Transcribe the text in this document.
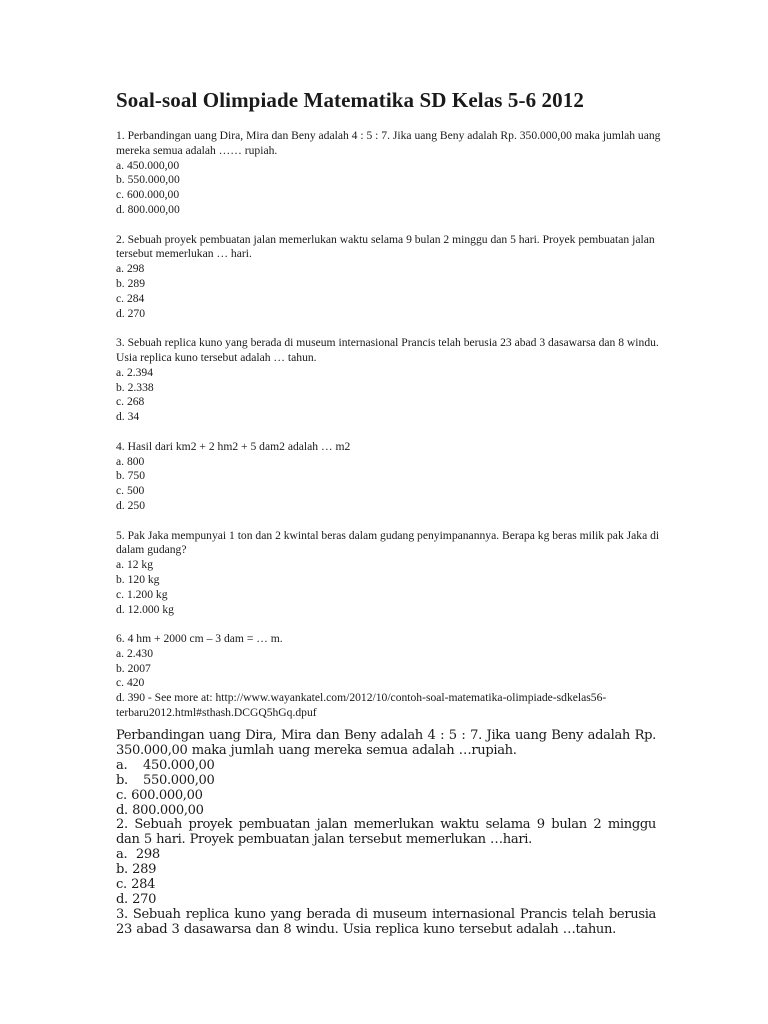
Soal-soal Olimpiade Matematika SD Kelas 5-6 2012

1. Perbandingan uang Dira, Mira dan Beny adalah 4 : 5 : 7. Jika uang Beny adalah Rp. 350.000,00 maka jumlah uang mereka semua adalah …… rupiah.

a. 450.000,00

b. 550.000,00

c. 600.000,00

d. 800.000,00

2. Sebuah proyek pembuatan jalan memerlukan waktu selama 9 bulan 2 minggu dan 5 hari. Proyek pembuatan jalan tersebut memerlukan … hari.

a. 298

b. 289

c. 284

d. 270

3. Sebuah replica kuno yang berada di museum internasional Prancis telah berusia 23 abad 3 dasawarsa dan 8 windu. Usia replica kuno tersebut adalah … tahun.

a. 2.394

b. 2.338

c. 268

d. 34

4. Hasil dari km2 + 2 hm2 + 5 dam2 adalah … m2

a. 800

b. 750

c. 500

d. 250

5. Pak Jaka mempunyai 1 ton dan 2 kwintal beras dalam gudang penyimpanannya. Berapa kg beras milik pak Jaka di dalam gudang?

a. 12 kg

b. 120 kg

c. 1.200 kg

d. 12.000 kg

6. 4 hm + 2000 cm – 3 dam = … m.

a. 2.430

b. 2007

c. 420

d. 390 - See more at: http://www.wayankatel.com/2012/10/contoh-soal-matematika-olimpiade-sdkelas56-terbaru2012.html#sthash.DCGQ5hGq.dpuf

Perbandingan uang Dira, Mira dan Beny adalah 4 : 5 : 7. Jika uang Beny adalah Rp. 350.000,00 maka jumlah uang mereka semua adalah …rupiah.

a. 450.000,00

b. 550.000,00

c. 600.000,00

d. 800.000,00

2. Sebuah proyek pembuatan jalan memerlukan waktu selama 9 bulan 2 minggu dan 5 hari. Proyek pembuatan jalan tersebut memerlukan …hari.

a.  298

b. 289

c. 284

d. 270

3. Sebuah replica kuno yang berada di museum internasional Prancis telah berusia 23 abad 3 dasawarsa dan 8 windu. Usia replica kuno tersebut adalah …tahun.
